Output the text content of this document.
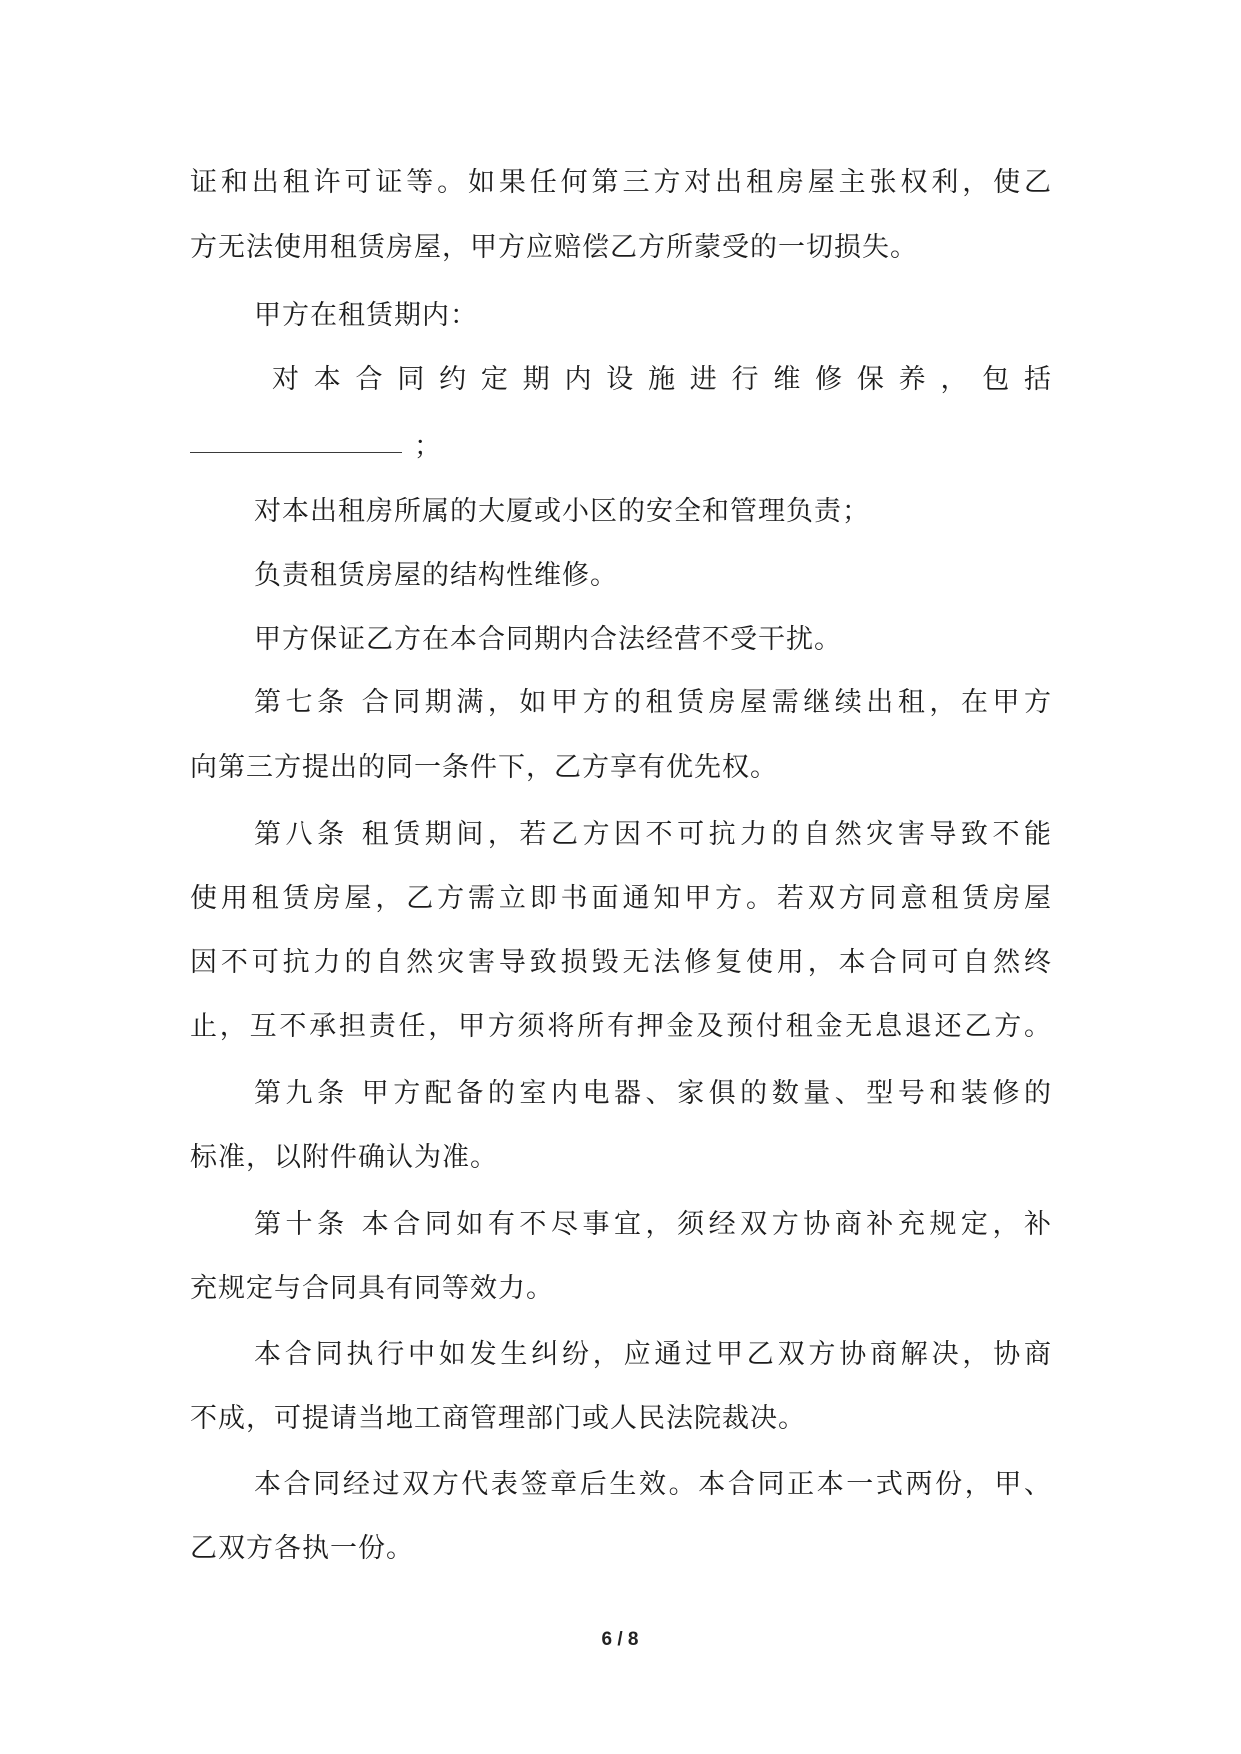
证和出租许可证等。如果任何第三方对出租房屋主张权利，使乙
方无法使用租赁房屋，甲方应赔偿乙方所蒙受的一切损失。
甲方在租赁期内：
对本合同约定期内设施进行维修保养，包括
；
对本出租房所属的大厦或小区的安全和管理负责；
负责租赁房屋的结构性维修。
甲方保证乙方在本合同期内合法经营不受干扰。
第七条 合同期满，如甲方的租赁房屋需继续出租，在甲方
向第三方提出的同一条件下，乙方享有优先权。
第八条 租赁期间，若乙方因不可抗力的自然灾害导致不能
使用租赁房屋，乙方需立即书面通知甲方。若双方同意租赁房屋
因不可抗力的自然灾害导致损毁无法修复使用，本合同可自然终
止，互不承担责任，甲方须将所有押金及预付租金无息退还乙方。
第九条 甲方配备的室内电器、家俱的数量、型号和装修的
标准，以附件确认为准。
第十条 本合同如有不尽事宜，须经双方协商补充规定，补
充规定与合同具有同等效力。
本合同执行中如发生纠纷，应通过甲乙双方协商解决，协商
不成，可提请当地工商管理部门或人民法院裁决。
本合同经过双方代表签章后生效。本合同正本一式两份，甲、
乙双方各执一份。
6 / 8
